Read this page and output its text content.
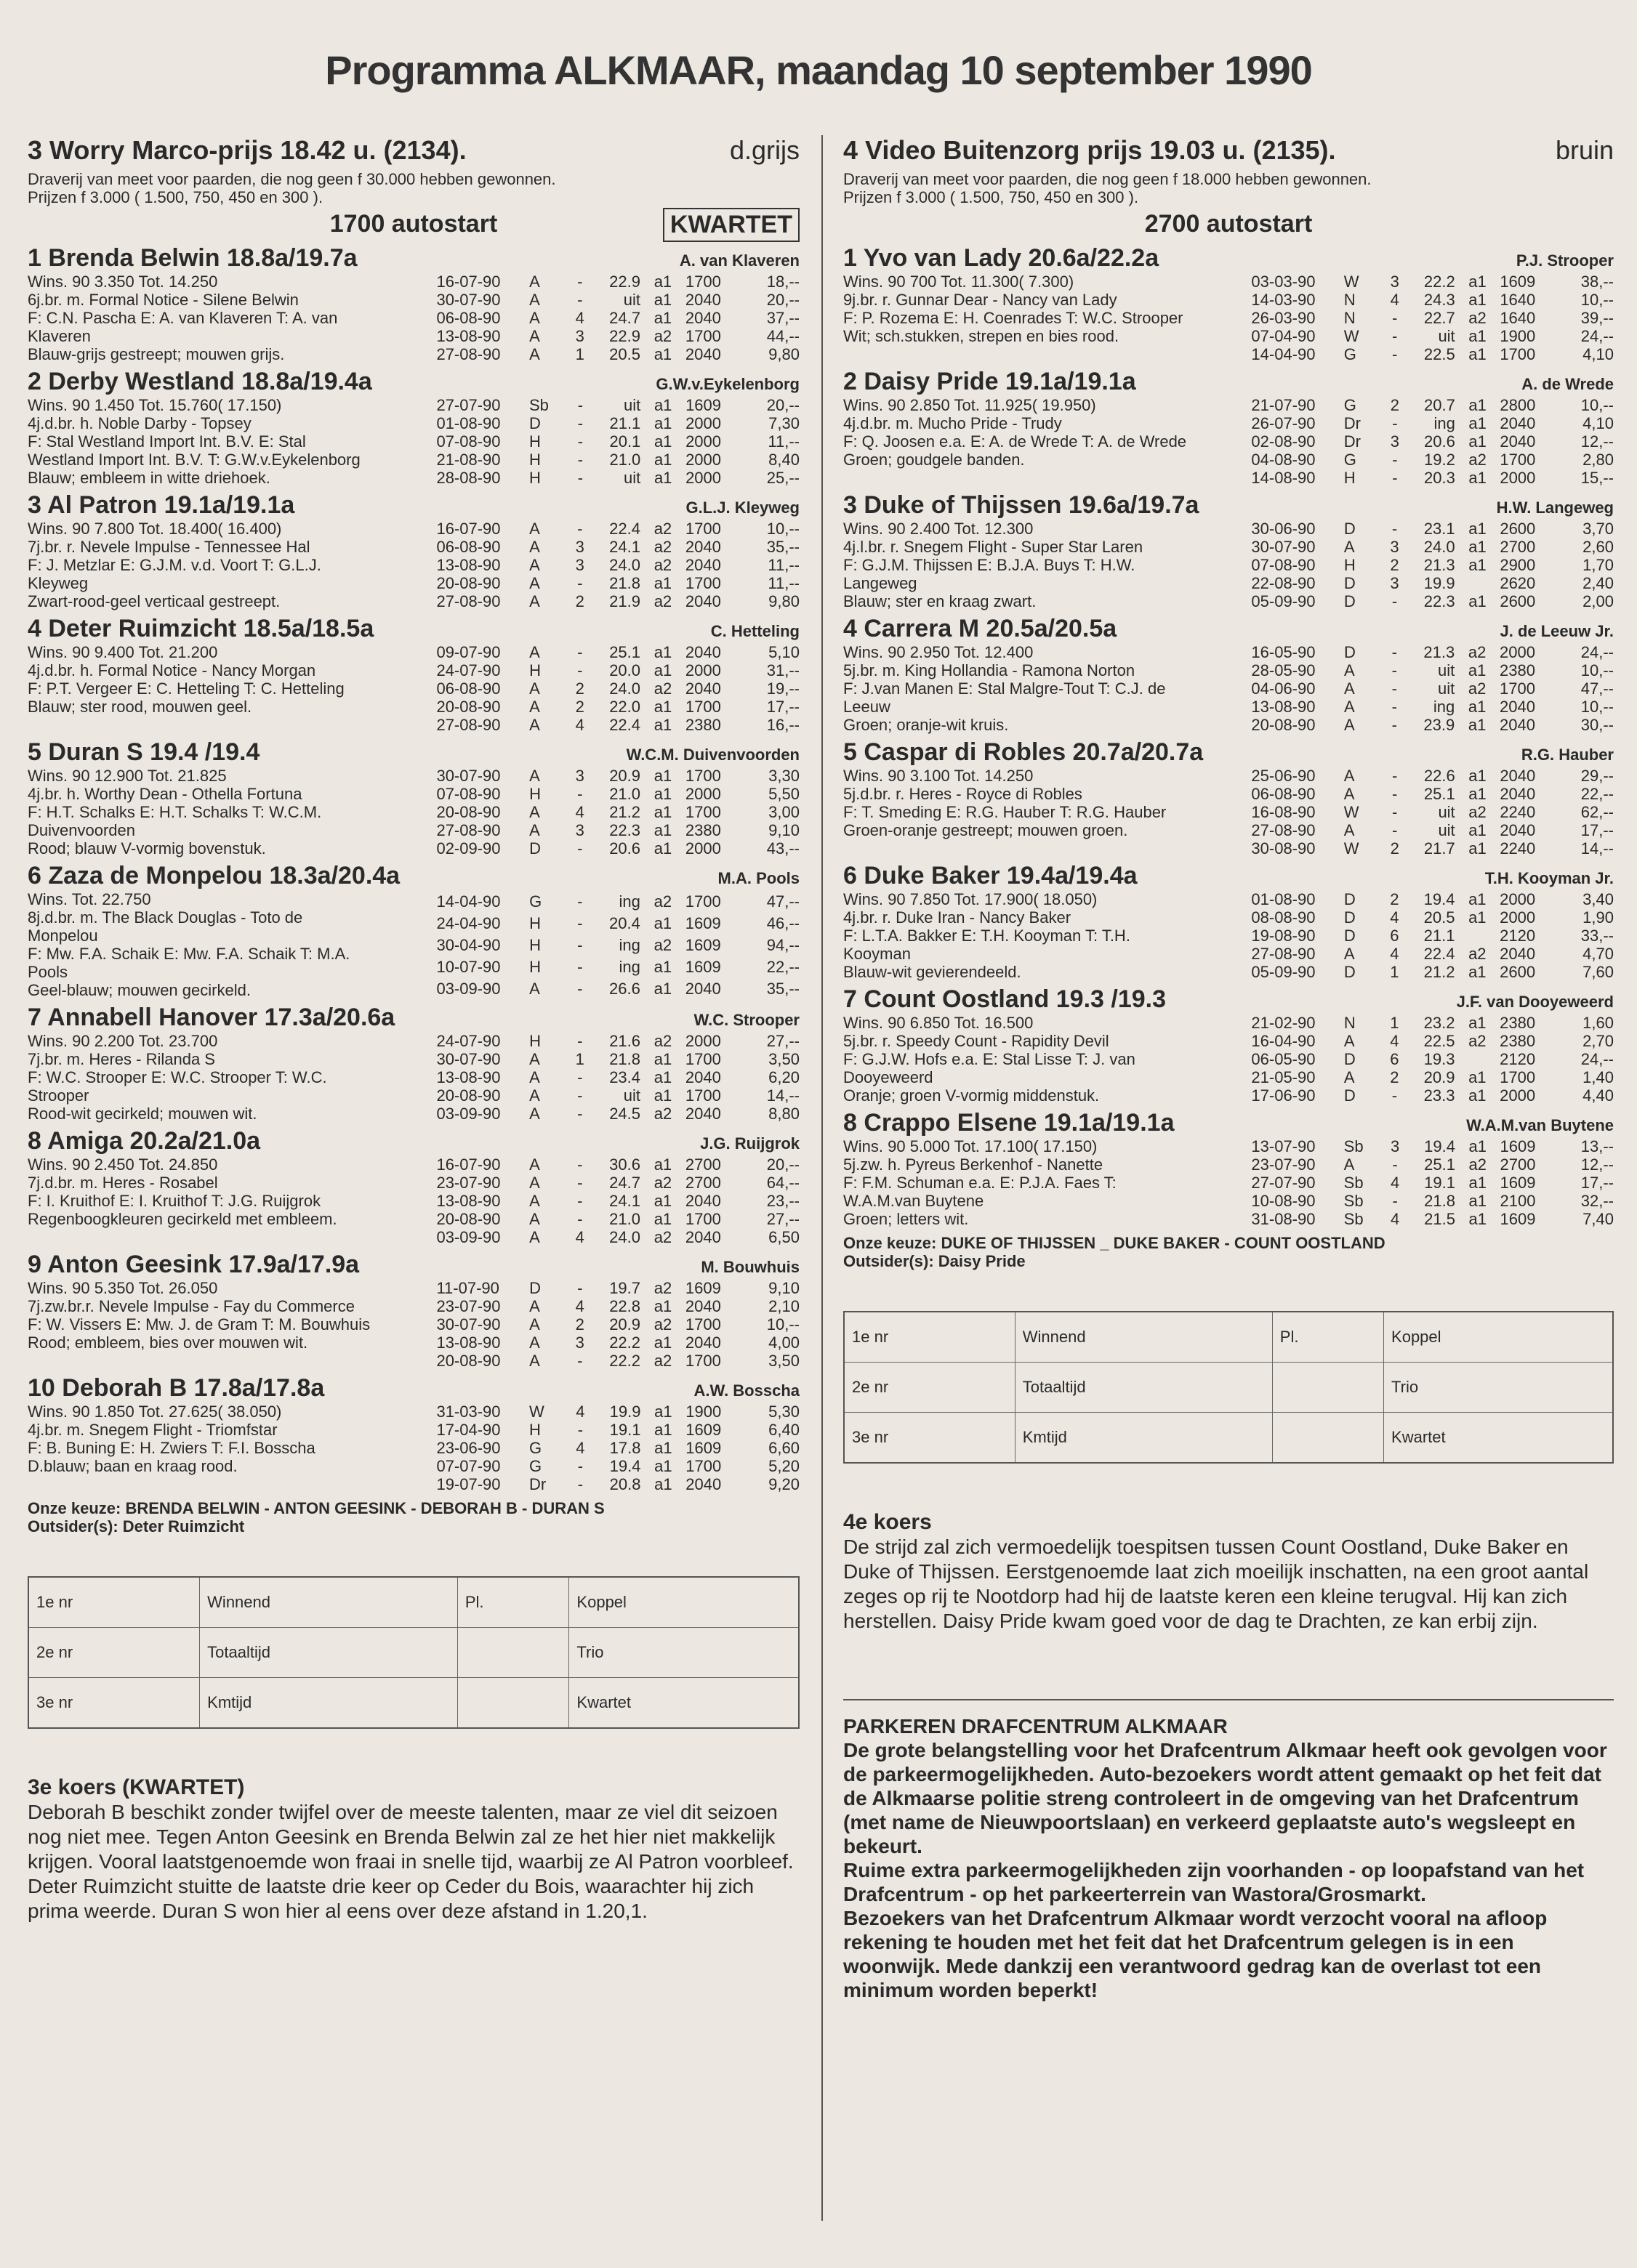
Programma ALKMAAR, maandag 10 september 1990
3 Worry Marco-prijs 18.42 u. (2134).	d.grijs
Draverij van meet voor paarden, die nog geen f 30.000 hebben gewonnen.
Prijzen f 3.000 ( 1.500, 750, 450 en 300 ).
1700 autostart	KWARTET
1 Brenda Belwin 18.8a/19.7a	A. van Klaveren
Wins. 90 3.350 Tot. 14.250
6j.br. m. Formal Notice - Silene Belwin
F: C.N. Pascha E: A. van Klaveren T: A. van
Klaveren
Blauw-grijs gestreept; mouwen grijs.
16-07-90	A	-	22.9	a1	1700	18,--
30-07-90	A	-	uit	a1	2040	20,--
06-08-90	A	4	24.7	a1	2040	37,--
13-08-90	A	3	22.9	a2	1700	44,--
27-08-90	A	1	20.5	a1	2040	9,80
2 Derby Westland 18.8a/19.4a	G.W.v.Eykelenborg
Wins. 90 1.450 Tot. 15.760( 17.150)
4j.d.br. h. Noble Darby - Topsey
F: Stal Westland Import Int. B.V. E: Stal
Westland Import Int. B.V. T: G.W.v.Eykelenborg
Blauw; embleem in witte driehoek.
27-07-90	Sb	-	uit	a1	1609	20,--
01-08-90	D	-	21.1	a1	2000	7,30
07-08-90	H	-	20.1	a1	2000	11,--
21-08-90	H	-	21.0	a1	2000	8,40
28-08-90	H	-	uit	a1	2000	25,--
3 Al Patron 19.1a/19.1a	G.L.J. Kleyweg
Wins. 90 7.800 Tot. 18.400( 16.400)
7j.br. r. Nevele Impulse - Tennessee Hal
F: J. Metzlar E: G.J.M. v.d. Voort T: G.L.J.
Kleyweg
Zwart-rood-geel verticaal gestreept.
16-07-90	A	-	22.4	a2	1700	10,--
06-08-90	A	3	24.1	a2	2040	35,--
13-08-90	A	3	24.0	a2	2040	11,--
20-08-90	A	-	21.8	a1	1700	11,--
27-08-90	A	2	21.9	a2	2040	9,80
4 Deter Ruimzicht 18.5a/18.5a	C. Hetteling
Wins. 90 9.400 Tot. 21.200
4j.d.br. h. Formal Notice - Nancy Morgan
F: P.T. Vergeer E: C. Hetteling T: C. Hetteling
Blauw; ster rood, mouwen geel.
09-07-90	A	-	25.1	a1	2040	5,10
24-07-90	H	-	20.0	a1	2000	31,--
06-08-90	A	2	24.0	a2	2040	19,--
20-08-90	A	2	22.0	a1	1700	17,--
27-08-90	A	4	22.4	a1	2380	16,--
5 Duran S 19.4 /19.4	W.C.M. Duivenvoorden
Wins. 90 12.900 Tot. 21.825
4j.br. h. Worthy Dean - Othella Fortuna
F: H.T. Schalks E: H.T. Schalks T: W.C.M.
Duivenvoorden
Rood; blauw V-vormig bovenstuk.
30-07-90	A	3	20.9	a1	1700	3,30
07-08-90	H	-	21.0	a1	2000	5,50
20-08-90	A	4	21.2	a1	1700	3,00
27-08-90	A	3	22.3	a1	2380	9,10
02-09-90	D	-	20.6	a1	2000	43,--
6 Zaza de Monpelou 18.3a/20.4a	M.A. Pools
Wins. Tot. 22.750
8j.d.br. m. The Black Douglas - Toto de
Monpelou
F: Mw. F.A. Schaik E: Mw. F.A. Schaik T: M.A.
Pools
Geel-blauw; mouwen gecirkeld.
14-04-90	G	-	ing	a2	1700	47,--
24-04-90	H	-	20.4	a1	1609	46,--
30-04-90	H	-	ing	a2	1609	94,--
10-07-90	H	-	ing	a1	1609	22,--
03-09-90	A	-	26.6	a1	2040	35,--
7 Annabell Hanover 17.3a/20.6a	W.C. Strooper
Wins. 90 2.200 Tot. 23.700
7j.br. m. Heres - Rilanda S
F: W.C. Strooper E: W.C. Strooper T: W.C.
Strooper
Rood-wit gecirkeld; mouwen wit.
24-07-90	H	-	21.6	a2	2000	27,--
30-07-90	A	1	21.8	a1	1700	3,50
13-08-90	A	-	23.4	a1	2040	6,20
20-08-90	A	-	uit	a1	1700	14,--
03-09-90	A	-	24.5	a2	2040	8,80
8 Amiga 20.2a/21.0a	J.G. Ruijgrok
Wins. 90 2.450 Tot. 24.850
7j.d.br. m. Heres - Rosabel
F: I. Kruithof E: I. Kruithof T: J.G. Ruijgrok
Regenboogkleuren gecirkeld met embleem.
16-07-90	A	-	30.6	a1	2700	20,--
23-07-90	A	-	24.7	a2	2700	64,--
13-08-90	A	-	24.1	a1	2040	23,--
20-08-90	A	-	21.0	a1	1700	27,--
03-09-90	A	4	24.0	a2	2040	6,50
9 Anton Geesink 17.9a/17.9a	M. Bouwhuis
Wins. 90 5.350 Tot. 26.050
7j.zw.br.r. Nevele Impulse - Fay du Commerce
F: W. Vissers E: Mw. J. de Gram T: M. Bouwhuis
Rood; embleem, bies over mouwen wit.
11-07-90	D	-	19.7	a2	1609	9,10
23-07-90	A	4	22.8	a1	2040	2,10
30-07-90	A	2	20.9	a2	1700	10,--
13-08-90	A	3	22.2	a1	2040	4,00
20-08-90	A	-	22.2	a2	1700	3,50
10 Deborah B 17.8a/17.8a	A.W. Bosscha
Wins. 90 1.850 Tot. 27.625( 38.050)
4j.br. m. Snegem Flight - Triomfstar
F: B. Buning E: H. Zwiers T: F.I. Bosscha
D.blauw; baan en kraag rood.
31-03-90	W	4	19.9	a1	1900	5,30
17-04-90	H	-	19.1	a1	1609	6,40
23-06-90	G	4	17.8	a1	1609	6,60
07-07-90	G	-	19.4	a1	1700	5,20
19-07-90	Dr	-	20.8	a1	2040	9,20
Onze keuze: BRENDA BELWIN - ANTON GEESINK - DEBORAH B - DURAN S
Outsider(s): Deter Ruimzicht
1e nr	Winnend	Pl.	Koppel
2e nr	Totaaltijd		Trio
3e nr	Kmtijd		Kwartet
3e koers (KWARTET)
Deborah B beschikt zonder twijfel over de meeste talenten, maar ze viel dit seizoen nog niet mee. Tegen Anton Geesink en Brenda Belwin zal ze het hier niet makkelijk krijgen. Vooral laatstgenoemde won fraai in snelle tijd, waarbij ze Al Patron voorbleef. Deter Ruimzicht stuitte de laatste drie keer op Ceder du Bois, waarachter hij zich prima weerde. Duran S won hier al eens over deze afstand in 1.20,1.
4 Video Buitenzorg prijs 19.03 u. (2135).	bruin
Draverij van meet voor paarden, die nog geen f 18.000 hebben gewonnen.
Prijzen f 3.000 ( 1.500, 750, 450 en 300 ).
2700 autostart
1 Yvo van Lady 20.6a/22.2a	P.J. Strooper
Wins. 90 700 Tot. 11.300( 7.300)
9j.br. r. Gunnar Dear - Nancy van Lady
F: P. Rozema E: H. Coenrades T: W.C. Strooper
Wit; sch.stukken, strepen en bies rood.
03-03-90	W	3	22.2	a1	1609	38,--
14-03-90	N	4	24.3	a1	1640	10,--
26-03-90	N	-	22.7	a2	1640	39,--
07-04-90	W	-	uit	a1	1900	24,--
14-04-90	G	-	22.5	a1	1700	4,10
2 Daisy Pride 19.1a/19.1a	A. de Wrede
Wins. 90 2.850 Tot. 11.925( 19.950)
4j.d.br. m. Mucho Pride - Trudy
F: Q. Joosen e.a. E: A. de Wrede T: A. de Wrede
Groen; goudgele banden.
21-07-90	G	2	20.7	a1	2800	10,--
26-07-90	Dr	-	ing	a1	2040	4,10
02-08-90	Dr	3	20.6	a1	2040	12,--
04-08-90	G	-	19.2	a2	1700	2,80
14-08-90	H	-	20.3	a1	2000	15,--
3 Duke of Thijssen 19.6a/19.7a	H.W. Langeweg
Wins. 90 2.400 Tot. 12.300
4j.l.br. r. Snegem Flight - Super Star Laren
F: G.J.M. Thijssen E: B.J.A. Buys T: H.W.
Langeweg
Blauw; ster en kraag zwart.
30-06-90	D	-	23.1	a1	2600	3,70
30-07-90	A	3	24.0	a1	2700	2,60
07-08-90	H	2	21.3	a1	2900	1,70
22-08-90	D	3	19.9		2620	2,40
05-09-90	D	-	22.3	a1	2600	2,00
4 Carrera M 20.5a/20.5a	J. de Leeuw Jr.
Wins. 90 2.950 Tot. 12.400
5j.br. m. King Hollandia - Ramona Norton
F: J.van Manen E: Stal Malgre-Tout T: C.J. de
Leeuw
Groen; oranje-wit kruis.
16-05-90	D	-	21.3	a2	2000	24,--
28-05-90	A	-	uit	a1	2380	10,--
04-06-90	A	-	uit	a2	1700	47,--
13-08-90	A	-	ing	a1	2040	10,--
20-08-90	A	-	23.9	a1	2040	30,--
5 Caspar di Robles 20.7a/20.7a	R.G. Hauber
Wins. 90 3.100 Tot. 14.250
5j.d.br. r. Heres - Royce di Robles
F: T. Smeding E: R.G. Hauber T: R.G. Hauber
Groen-oranje gestreept; mouwen groen.
25-06-90	A	-	22.6	a1	2040	29,--
06-08-90	A	-	25.1	a1	2040	22,--
16-08-90	W	-	uit	a2	2240	62,--
27-08-90	A	-	uit	a1	2040	17,--
30-08-90	W	2	21.7	a1	2240	14,--
6 Duke Baker 19.4a/19.4a	T.H. Kooyman Jr.
Wins. 90 7.850 Tot. 17.900( 18.050)
4j.br. r. Duke Iran - Nancy Baker
F: L.T.A. Bakker E: T.H. Kooyman T: T.H.
Kooyman
Blauw-wit gevierendeeld.
01-08-90	D	2	19.4	a1	2000	3,40
08-08-90	D	4	20.5	a1	2000	1,90
19-08-90	D	6	21.1		2120	33,--
27-08-90	A	4	22.4	a2	2040	4,70
05-09-90	D	1	21.2	a1	2600	7,60
7 Count Oostland 19.3 /19.3	J.F. van Dooyeweerd
Wins. 90 6.850 Tot. 16.500
5j.br. r. Speedy Count - Rapidity Devil
F: G.J.W. Hofs e.a. E: Stal Lisse T: J. van
Dooyeweerd
Oranje; groen V-vormig middenstuk.
21-02-90	N	1	23.2	a1	2380	1,60
16-04-90	A	4	22.5	a2	2380	2,70
06-05-90	D	6	19.3		2120	24,--
21-05-90	A	2	20.9	a1	1700	1,40
17-06-90	D	-	23.3	a1	2000	4,40
8 Crappo Elsene 19.1a/19.1a	W.A.M.van Buytene
Wins. 90 5.000 Tot. 17.100( 17.150)
5j.zw. h. Pyreus Berkenhof - Nanette
F: F.M. Schuman e.a. E: P.J.A. Faes T:
W.A.M.van Buytene
Groen; letters wit.
13-07-90	Sb	3	19.4	a1	1609	13,--
23-07-90	A	-	25.1	a2	2700	12,--
27-07-90	Sb	4	19.1	a1	1609	17,--
10-08-90	Sb	-	21.8	a1	2100	32,--
31-08-90	Sb	4	21.5	a1	1609	7,40
Onze keuze: DUKE OF THIJSSEN _ DUKE BAKER - COUNT OOSTLAND
Outsider(s): Daisy Pride
1e nr	Winnend	Pl.	Koppel
2e nr	Totaaltijd		Trio
3e nr	Kmtijd		Kwartet
4e koers
De strijd zal zich vermoedelijk toespitsen tussen Count Oostland, Duke Baker en Duke of Thijssen. Eerstgenoemde laat zich moeilijk inschatten, na een groot aantal zeges op rij te Nootdorp had hij de laatste keren een kleine terugval. Hij kan zich herstellen. Daisy Pride kwam goed voor de dag te Drachten, ze kan erbij zijn.
PARKEREN DRAFCENTRUM ALKMAAR
De grote belangstelling voor het Drafcentrum Alkmaar heeft ook gevolgen voor de parkeermogelijkheden. Auto-bezoekers wordt attent gemaakt op het feit dat de Alkmaarse politie streng controleert in de omgeving van het Drafcentrum (met name de Nieuwpoortslaan) en verkeerd geplaatste auto's wegsleept en bekeurt.
Ruime extra parkeermogelijkheden zijn voorhanden - op loopafstand van het Drafcentrum - op het parkeerterrein van Wastora/Grosmarkt.
Bezoekers van het Drafcentrum Alkmaar wordt verzocht vooral na afloop rekening te houden met het feit dat het Drafcentrum gelegen is in een woonwijk. Mede dankzij een verantwoord gedrag kan de overlast tot een minimum worden beperkt!
